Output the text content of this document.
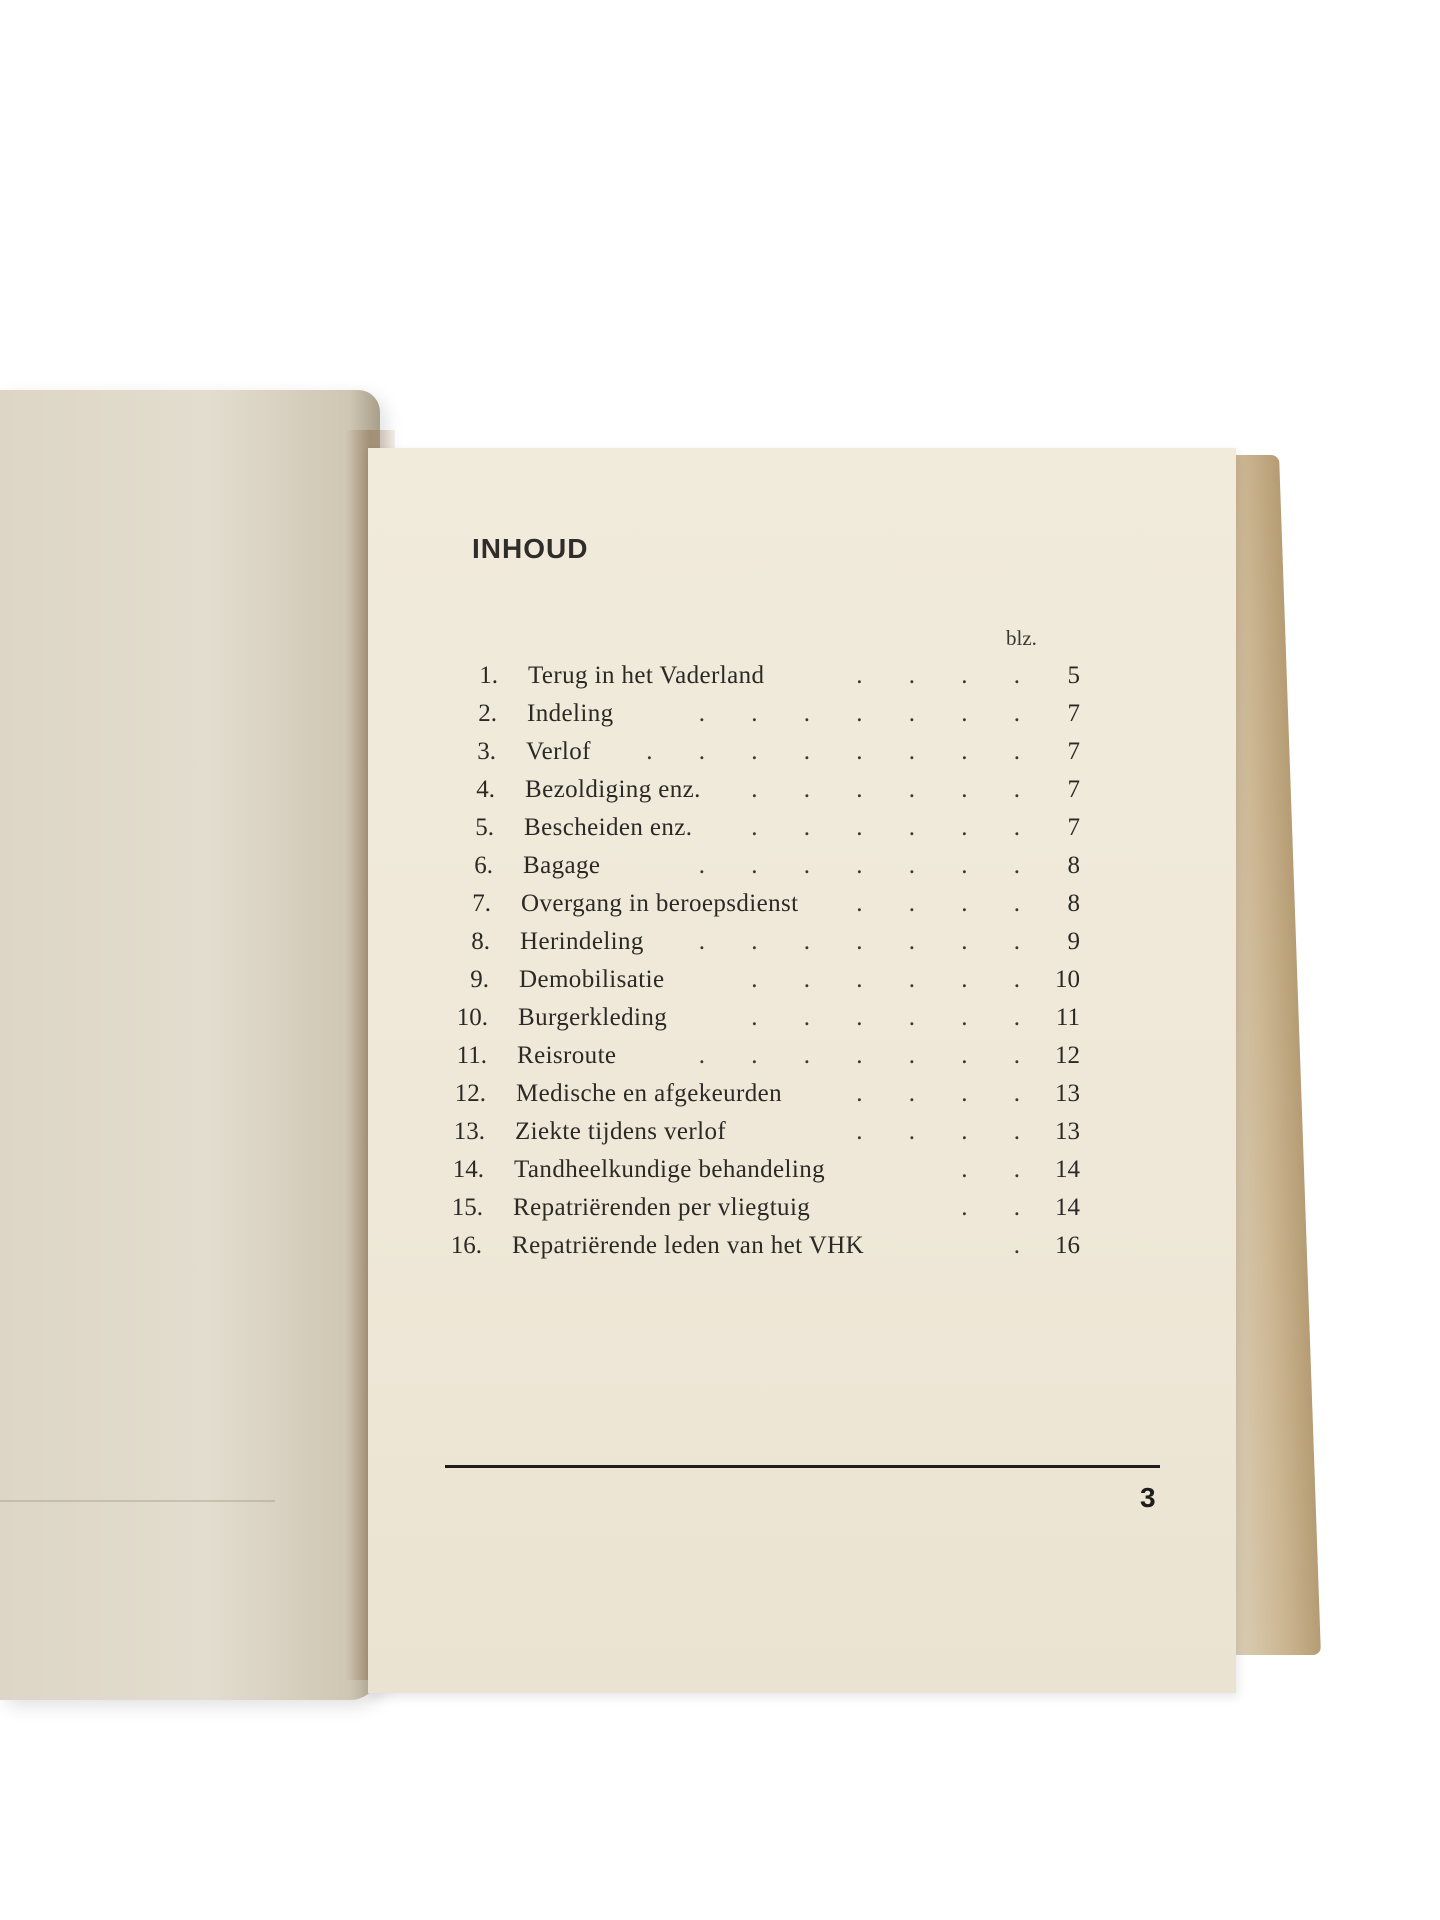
INHOUD
blz.
1. Terug in het Vaderland	. . . .	5
2. Indeling	. . . . . . .	7
3. Verlof . . . . . . . .	7
4. Bezoldiging enz. . . . . . .	7
5. Bescheiden enz. . . . . . .	7
6. Bagage	. . . . . . .	8
7. Overgang in beroepsdienst . . . .	8
8. Herindeling . . . . . . .	9
9. Demobilisatie	. . . . . . 10
10. Burgerkleding	. . . . . . 11
11. Reisroute	. . . . . . . 12
12. Medische en afgekeurden	. . . . 13
13. Ziekte tijdens verlof	. . . . 13
14. Tandheelkundige behandeling	. . 14
15. Repatriërenden per vliegtuig	. . 14
16. Repatriërende leden van het VHK	. 16
3
